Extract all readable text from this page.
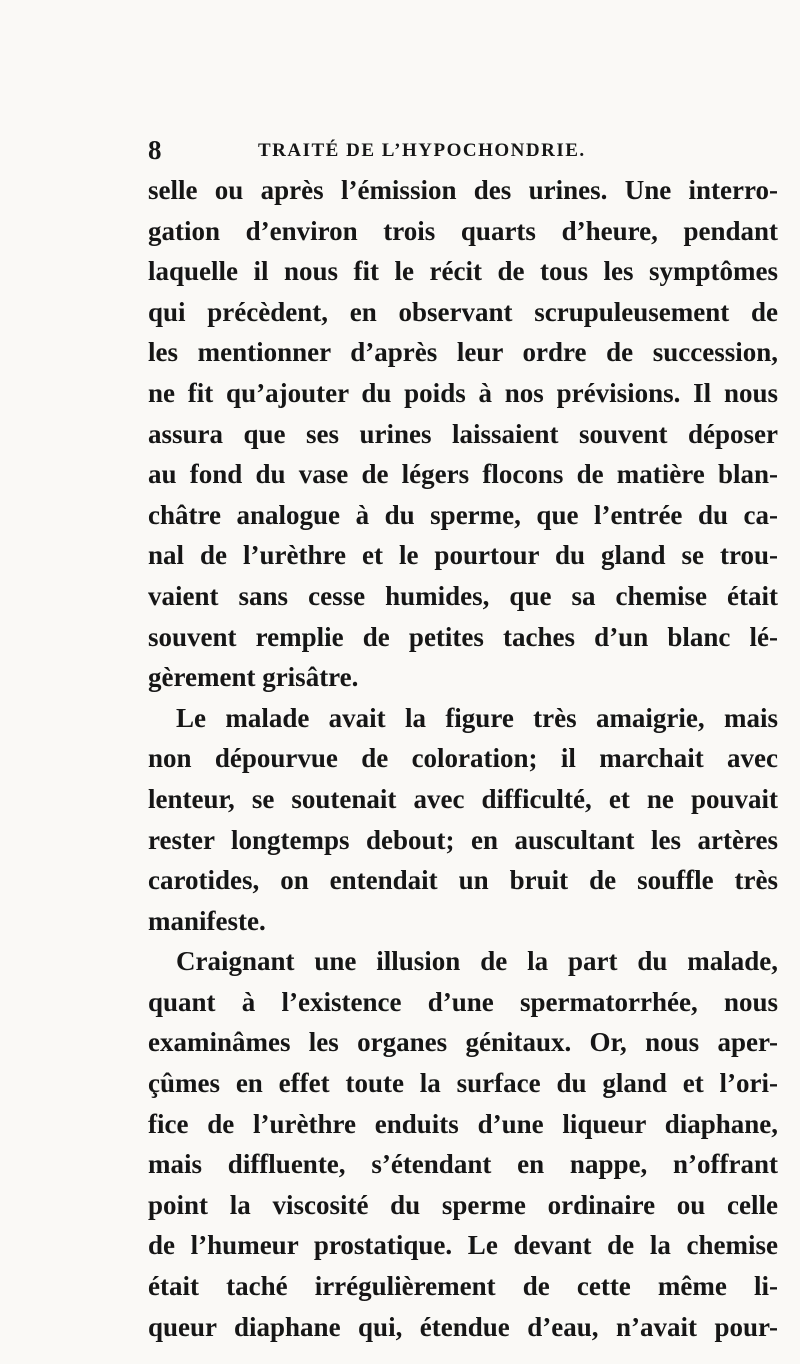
8	TRAITÉ DE L’HYPOCHONDRIE.
selle ou après l’émission des urines. Une interro-
gation d’environ trois quarts d’heure, pendant
laquelle il nous fit le récit de tous les symptômes
qui précèdent, en observant scrupuleusement de
les mentionner d’après leur ordre de succession,
ne fit qu’ajouter du poids à nos prévisions. Il nous
assura que ses urines laissaient souvent déposer
au fond du vase de légers flocons de matière blan-
châtre analogue à du sperme, que l’entrée du ca-
nal de l’urèthre et le pourtour du gland se trou-
vaient sans cesse humides, que sa chemise était
souvent remplie de petites taches d’un blanc lé-
gèrement grisâtre.
Le malade avait la figure très amaigrie, mais
non dépourvue de coloration; il marchait avec
lenteur, se soutenait avec difficulté, et ne pouvait
rester longtemps debout; en auscultant les artères
carotides, on entendait un bruit de souffle très
manifeste.
Craignant une illusion de la part du malade,
quant à l’existence d’une spermatorrhée, nous
examinâmes les organes génitaux. Or, nous aper-
çûmes en effet toute la surface du gland et l’ori-
fice de l’urèthre enduits d’une liqueur diaphane,
mais diffluente, s’étendant en nappe, n’offrant
point la viscosité du sperme ordinaire ou celle
de l’humeur prostatique. Le devant de la chemise
était taché irrégulièrement de cette même li-
queur diaphane qui, étendue d’eau, n’avait pour-
